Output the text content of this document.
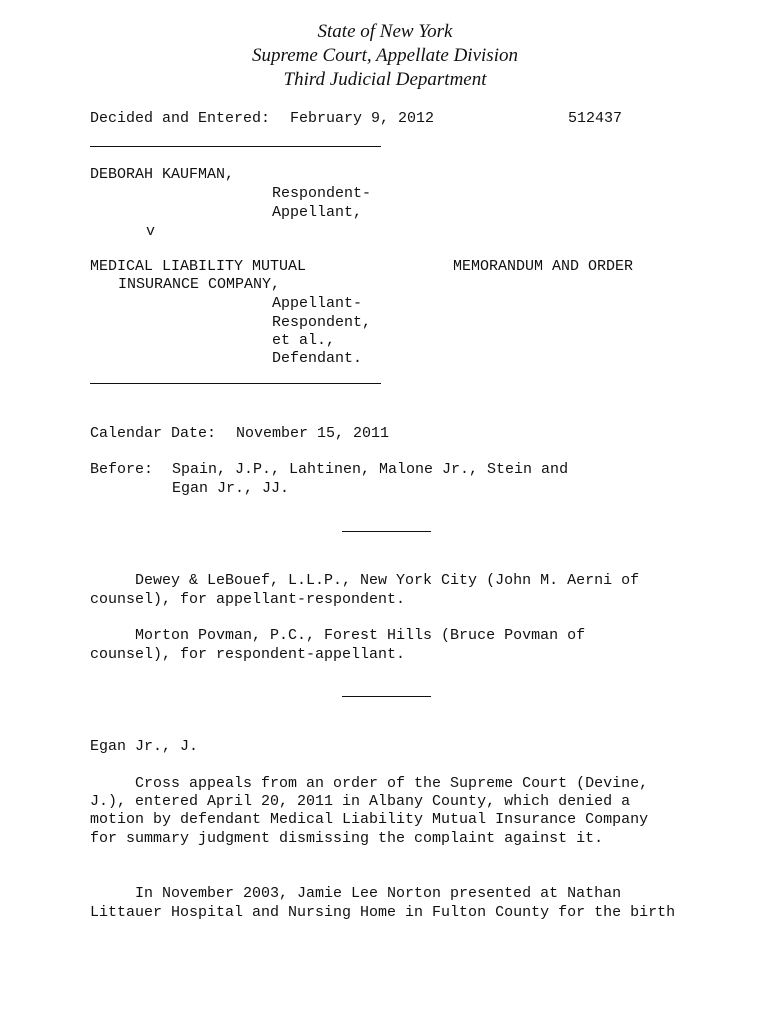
State of New York
Supreme Court, Appellate Division
Third Judicial Department
Decided and Entered: February 9, 2012	512437
DEBORAH KAUFMAN,
Respondent-
Appellant,
v
MEDICAL LIABILITY MUTUAL	MEMORANDUM AND ORDER
INSURANCE COMPANY,
Appellant-
Respondent,
et al.,
Defendant.
Calendar Date: November 15, 2011
Before: Spain, J.P., Lahtinen, Malone Jr., Stein and
Egan Jr., JJ.
Dewey & LeBouef, L.L.P., New York City (John M. Aerni of
counsel), for appellant-respondent.
Morton Povman, P.C., Forest Hills (Bruce Povman of
counsel), for respondent-appellant.
Egan Jr., J.
Cross appeals from an order of the Supreme Court (Devine,
J.), entered April 20, 2011 in Albany County, which denied a
motion by defendant Medical Liability Mutual Insurance Company
for summary judgment dismissing the complaint against it.
In November 2003, Jamie Lee Norton presented at Nathan
Littauer Hospital and Nursing Home in Fulton County for the birth
